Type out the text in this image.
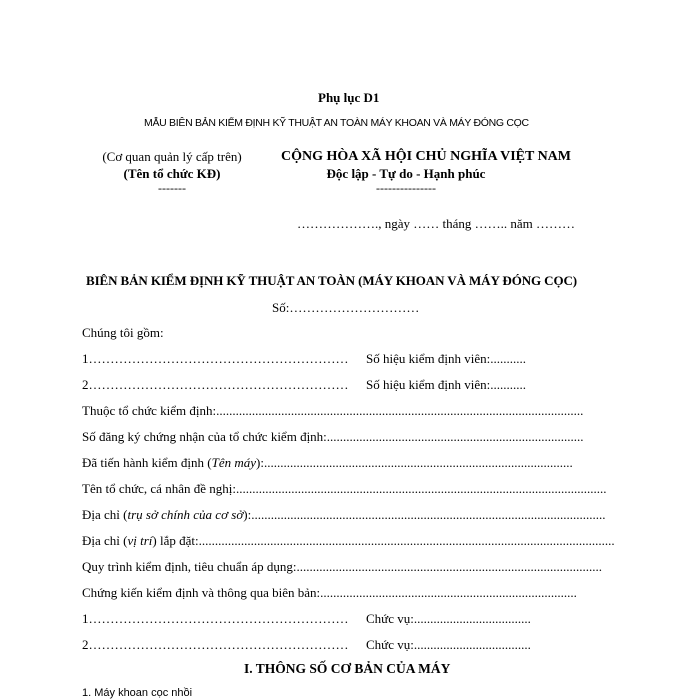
Phụ lục D1
MẪU BIÊN BẢN KIỂM ĐỊNH KỸ THUẬT AN TOÀN MÁY KHOAN VÀ MÁY ĐÓNG CỌC
(Cơ quan quản lý cấp trên)
(Tên tổ chức KĐ)
-------
CỘNG HÒA XÃ HỘI CHỦ NGHĨA VIỆT NAM
Độc lập - Tự do - Hạnh phúc
---------------
………………., ngày …… tháng …….. năm ………
BIÊN BẢN KIỂM ĐỊNH KỸ THUẬT AN TOÀN (MÁY KHOAN VÀ MÁY ĐÓNG CỌC)
Số:…………………………
Chúng tôi gồm:
1…………………………………………………… Số hiệu kiểm định viên:...........
2…………………………………………………… Số hiệu kiểm định viên:...........
Thuộc tổ chức kiểm định:.................................................................................................................
Số đăng ký chứng nhận của tổ chức kiểm định:...............................................................................
Đã tiến hành kiểm định (Tên máy):...............................................................................................
Tên tổ chức, cá nhân đề nghị:..................................................................................................................
Địa chỉ (trụ sở chính của cơ sở):.............................................................................................................
Địa chỉ (vị trí) lắp đặt:................................................................................................................................
Quy trình kiểm định, tiêu chuẩn áp dụng:..............................................................................................
Chứng kiến kiểm định và thông qua biên bản:...............................................................................
1…………………………………………………… Chức vụ:....................................
2…………………………………………………… Chức vụ:....................................
I. THÔNG SỐ CƠ BẢN CỦA MÁY
1. Máy khoan cọc nhồi
